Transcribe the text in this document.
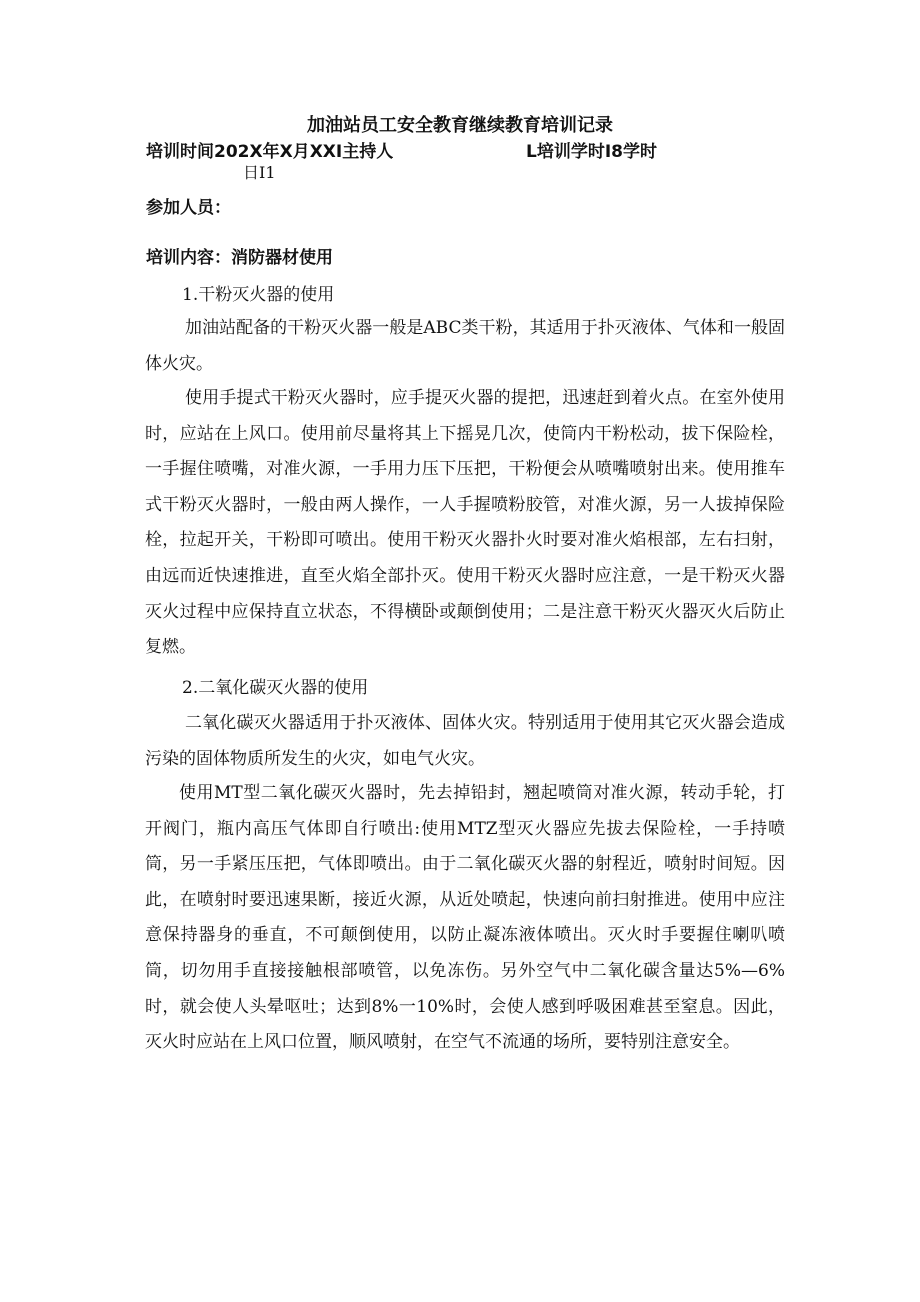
加油站员工安全教育继续教育培训记录
培训时间202X年X月XXI主持人	L培训学时I8学时
日I1
参加人员：
培训内容：消防器材使用
1.干粉灭火器的使用
加油站配备的干粉灭火器一般是ABC类干粉，其适用于扑灭液体、气体和一般固体火灾。
使用手提式干粉灭火器时，应手提灭火器的提把，迅速赶到着火点。在室外使用时，应站在上风口。使用前尽量将其上下摇晃几次，使筒内干粉松动，拔下保险栓，一手握住喷嘴，对准火源，一手用力压下压把，干粉便会从喷嘴喷射出来。使用推车式干粉灭火器时，一般由两人操作，一人手握喷粉胶管，对准火源，另一人拔掉保险栓，拉起开关，干粉即可喷出。使用干粉灭火器扑火时要对准火焰根部，左右扫射，由远而近快速推进，直至火焰全部扑灭。使用干粉灭火器时应注意，一是干粉灭火器灭火过程中应保持直立状态，不得横卧或颠倒使用；二是注意干粉灭火器灭火后防止复燃。
2.二氧化碳灭火器的使用
二氧化碳灭火器适用于扑灭液体、固体火灾。特别适用于使用其它灭火器会造成污染的固体物质所发生的火灾，如电气火灾。
使用MT型二氧化碳灭火器时，先去掉铅封，翘起喷筒对准火源，转动手轮，打开阀门，瓶内高压气体即自行喷出:使用MTZ型灭火器应先拔去保险栓，一手持喷筒，另一手紧压压把，气体即喷出。由于二氧化碳灭火器的射程近，喷射时间短。因此，在喷射时要迅速果断，接近火源，从近处喷起，快速向前扫射推进。使用中应注意保持器身的垂直，不可颠倒使用，以防止凝冻液体喷出。灭火时手要握住喇叭喷筒，切勿用手直接接触根部喷管，以免冻伤。另外空气中二氧化碳含量达5%—6%时，就会使人头晕呕吐；达到8%一10%时，会使人感到呼吸困难甚至窒息。因此，灭火时应站在上风口位置，顺风喷射，在空气不流通的场所，要特别注意安全。
